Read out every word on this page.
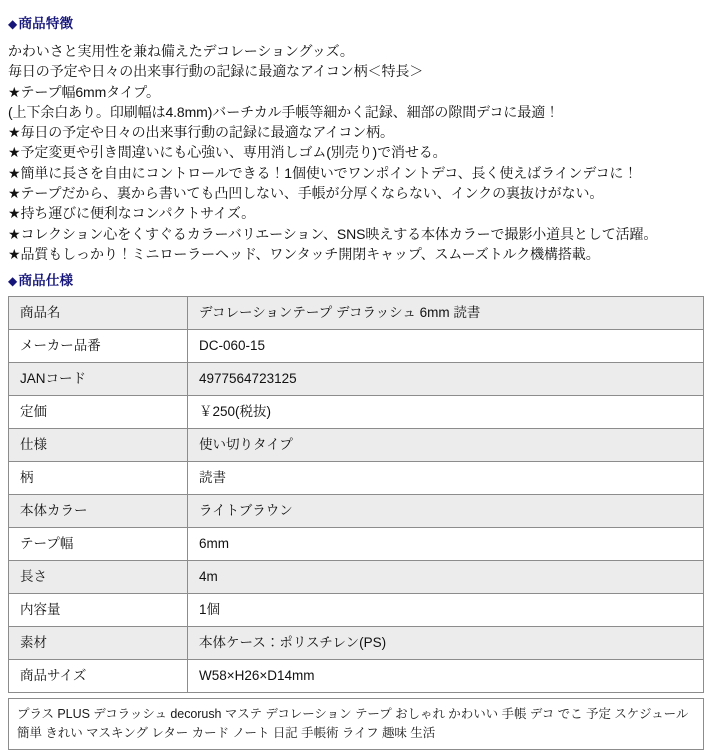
◆商品特徴
かわいさと実用性を兼ね備えたデコレーショングッズ。
毎日の予定や日々の出来事行動の記録に最適なアイコン柄＜特長＞
★テープ幅6mmタイプ。
(上下余白あり。印刷幅は4.8mm)バーチカル手帳等細かく記録、細部の隙間デコに最適！
★毎日の予定や日々の出来事行動の記録に最適なアイコン柄。
★予定変更や引き間違いにも心強い、専用消しゴム(別売り)で消せる。
★簡単に長さを自由にコントロールできる！1個使いでワンポイントデコ、長く使えばラインデコに！
★テープだから、裏から書いても凸凹しない、手帳が分厚くならない、インクの裏抜けがない。
★持ち運びに便利なコンパクトサイズ。
★コレクション心をくすぐるカラーバリエーション、SNS映えする本体カラーで撮影小道具として活躍。
★品質もしっかり！ミニローラーヘッド、ワンタッチ開閉キャップ、スムーズトルク機構搭載。
◆商品仕様
商品名	デコレーションテープ デコラッシュ 6mm 読書
メーカー品番	DC-060-15
JANコード	4977564723125
定価	￥250(税抜)
仕様	使い切りタイプ
柄	読書
本体カラー	ライトブラウン
テープ幅	6mm
長さ	4m
内容量	1個
素材	本体ケース：ポリスチレン(PS)
商品サイズ	W58×H26×D14mm
プラス PLUS デコラッシュ decorush マステ デコレーション テープ おしゃれ かわいい 手帳 デコ でこ 予定 スケジュール 簡単 きれい マスキング レター カード ノート 日記 手帳術 ライフ 趣味 生活
